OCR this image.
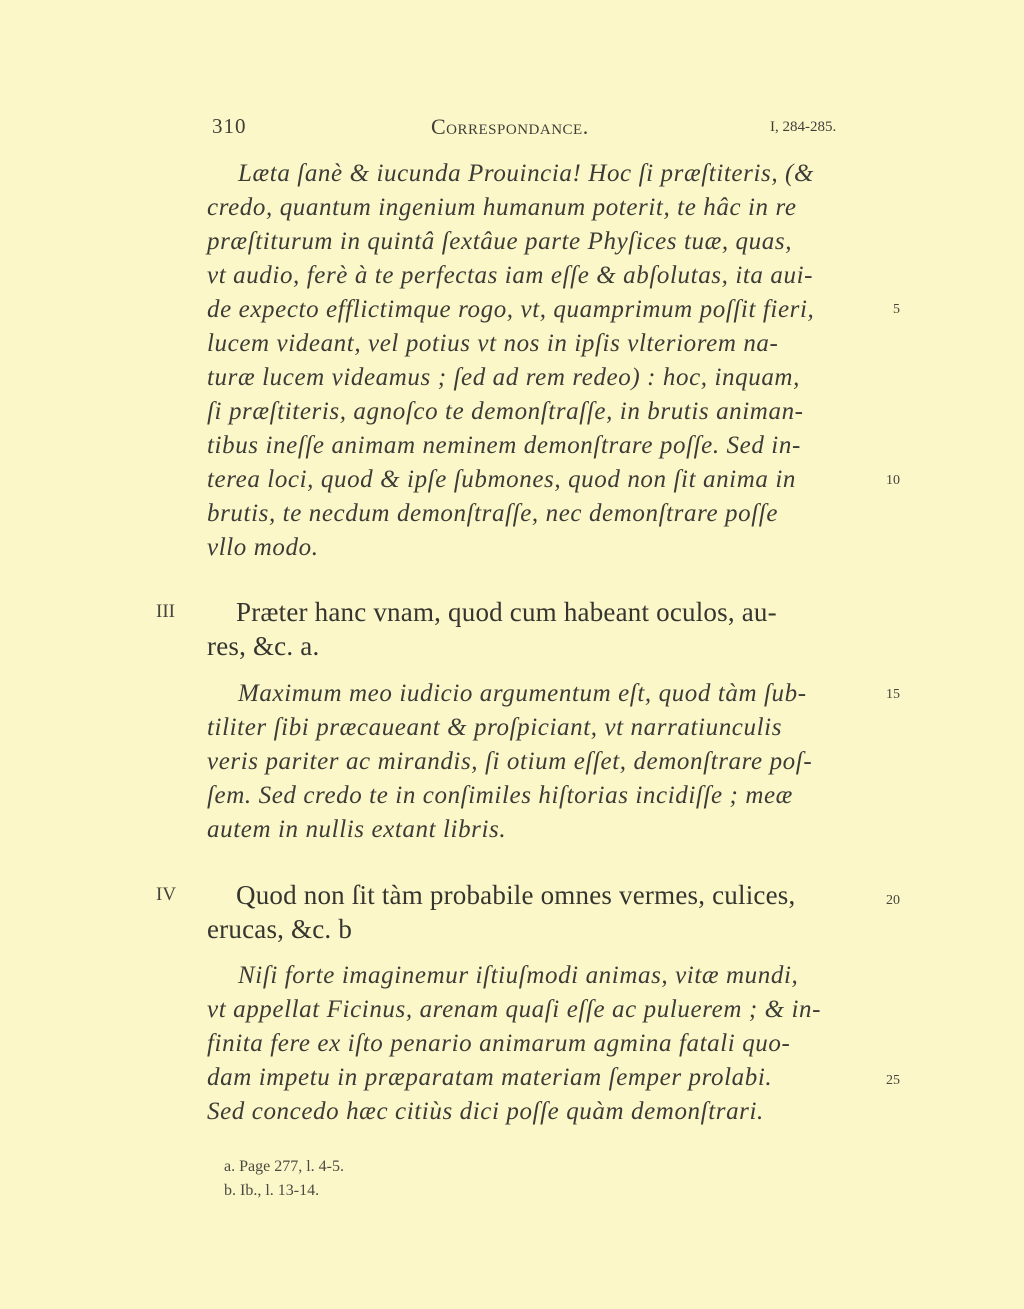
310	Correspondance.	I, 284-285.
Læta ſanè & iucunda Prouincia! Hoc ſi præſtiteris, (&
credo, quantum ingenium humanum poterit, te hâc in re
præſtiturum in quintâ ſextâue parte Phyſices tuæ, quas,
vt audio, ferè à te perfectas iam eſſe & abſolutas, ita aui-
de expecto efflictimque rogo, vt, quamprimum poſſit fieri,
lucem videant, vel potius vt nos in ipſis vlteriorem na-
turæ lucem videamus ; ſed ad rem redeo) : hoc, inquam,
ſi præſtiteris, agnoſco te demonſtraſſe, in brutis animan-
tibus ineſſe animam neminem demonſtrare poſſe. Sed in-
terea loci, quod & ipſe ſubmones, quod non ſit anima in
brutis, te necdum demonſtraſſe, nec demonſtrare poſſe
vllo modo.
5
10
III Præter hanc vnam, quod cum habeant oculos, au-
res, &c. a.
Maximum meo iudicio argumentum eſt, quod tàm ſub-
tiliter ſibi præcaueant & proſpiciant, vt narratiunculis
veris pariter ac mirandis, ſi otium eſſet, demonſtrare poſ-
ſem. Sed credo te in conſimiles hiſtorias incidiſſe ; meæ
autem in nullis extant libris.
15
IV Quod non ſit tàm probabile omnes vermes, culices,
erucas, &c. b
20
Niſi forte imaginemur iſtiuſmodi animas, vitæ mundi,
vt appellat Ficinus, arenam quaſi eſſe ac puluerem ; & in-
finita fere ex iſto penario animarum agmina fatali quo-
dam impetu in præparatam materiam ſemper prolabi.
Sed concedo hæc citiùs dici poſſe quàm demonſtrari.
25
a. Page 277, l. 4-5.
b. Ib., l. 13-14.
